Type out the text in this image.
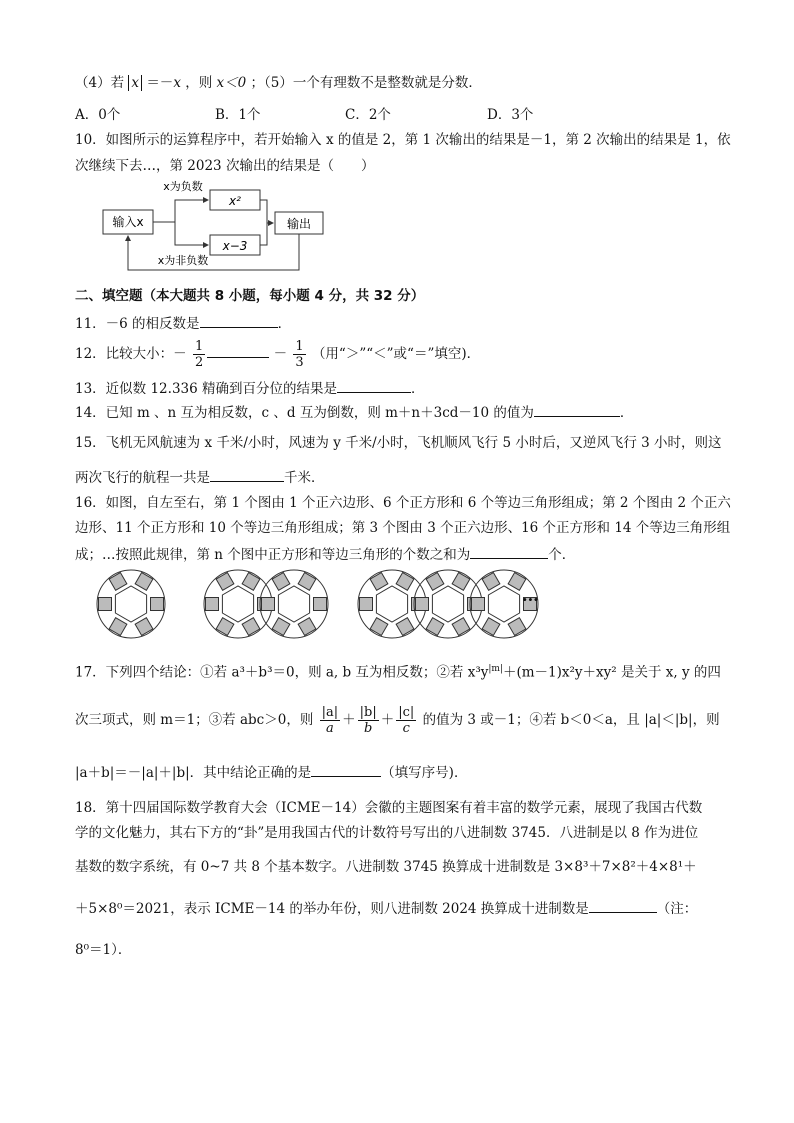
（4）若 x ＝－x ，则 x＜0 ；（5）一个有理数不是整数就是分数．
A．0个	B．1个	C．2个	D．3个
10．如图所示的运算程序中，若开始输入 x 的值是 2，第 1 次输出的结果是－1，第 2 次输出的结果是 1，依
次继续下去…，第 2023 次输出的结果是（　　）
输入x
x²
x−3
输出
x为负数
x为非负数
二、填空题（本大题共 8 小题，每小题 4 分，共 32 分）
11．－6 的相反数是	．
12．比较大小：－ $\frac{1}{2}$	－ $\frac{1}{3}$ （用“＞”“＜”或“＝”填空)．
13．近似数 12.336 精确到百分位的结果是	．
14．已知 m 、n 互为相反数，c 、d 互为倒数，则 m＋n＋3cd－10 的值为	．
15．飞机无风航速为 x 千米/小时，风速为 y 千米/小时，飞机顺风飞行 5 小时后，又逆风飞行 3 小时，则这
两次飞行的航程一共是	千米．
16．如图，自左至右，第 1 个图由 1 个正六边形、6 个正方形和 6 个等边三角形组成；第 2 个图由 2 个正六
边形、11 个正方形和 10 个等边三角形组成；第 3 个图由 3 个正六边形、16 个正方形和 14 个等边三角形组
成；…按照此规律，第 n 个图中正方形和等边三角形的个数之和为	个．
···
17．下列四个结论：①若 a³＋b³＝0，则 a, b 互为相反数；②若 $x^3y^{|m|}+(m-1)x^2y+xy^2$ 是关于 x, y 的四
次三项式，则 m＝1；③若 abc＞0，则 $\frac{|a|}{a} + \frac{|b|}{b} + \frac{|c|}{c}$ 的值为 3 或－1；④若 b＜0＜a，且 |a|＜|b|，则
|a＋b|＝－|a|＋|b|．其中结论正确的是	（填写序号)．
18．第十四届国际数学教育大会（ICME－14）会徽的主题图案有着丰富的数学元素，展现了我国古代数
学的文化魅力，其右下方的“卦”是用我国古代的计数符号写出的八进制数 3745．八进制是以 8 作为进位
基数的数字系统，有 0~7 共 8 个基本数字。八进制数 3745 换算成十进制数是 3×8³＋7×8²＋4×8¹＋
＋5×8⁰＝2021，表示 ICME－14 的举办年份，则八进制数 2024 换算成十进制数是	（注：
8⁰＝1）．
